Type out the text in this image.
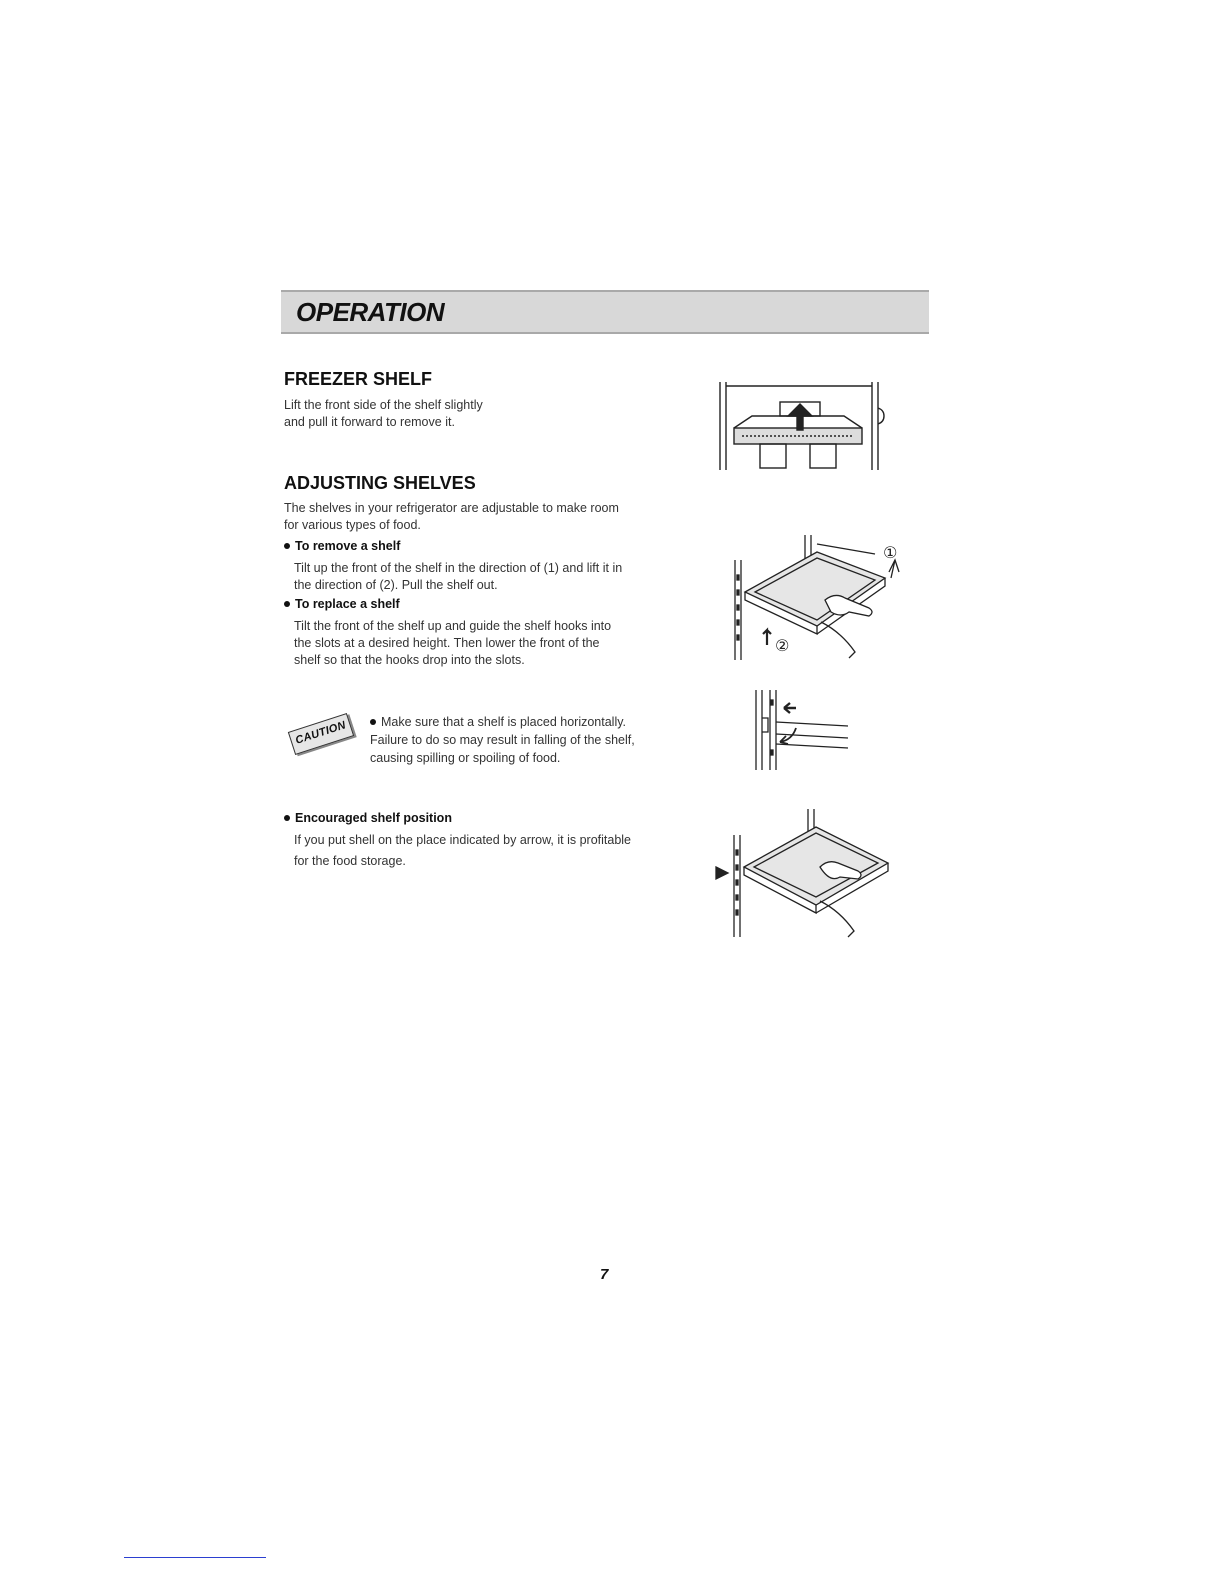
OPERATION
FREEZER SHELF

Lift the front side of the shelf slightly

and pull it forward to remove it.

ADJUSTING SHELVES

The shelves in your refrigerator are adjustable to make room

for various types of food.

To remove a shelf

Tilt up the front of the shelf in the direction of (1) and lift it in

the direction of (2). Pull the shelf out.

To replace a shelf

Tilt the front of the shelf up and guide the shelf hooks into

the slots at a desired height. Then lower the front of the

shelf so that the hooks drop into the slots.

①
②
CAUTION	Make sure that a shelf is placed horizontally.

Failure to do so may result in falling of the shelf,

causing spilling or spoiling of food.

Encouraged shelf position

If you put shell on the place indicated by arrow, it is profitable

for the food storage.

7
